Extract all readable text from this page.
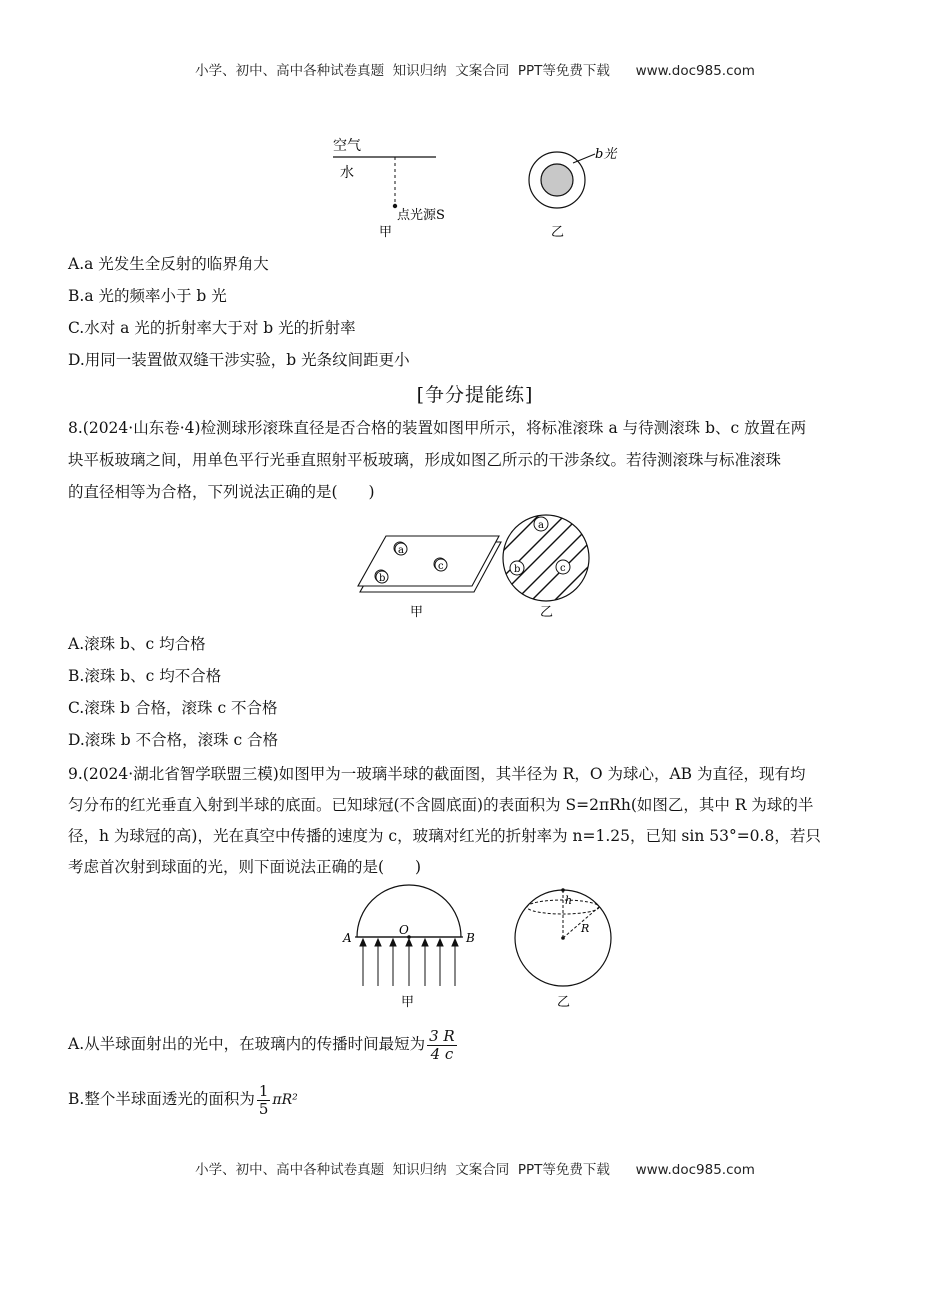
小学、初中、高中各种试卷真题  知识归纳  文案合同  PPT等免费下载      www.doc985.com
空气
水
点光源S
甲
b光
乙
A.a 光发生全反射的临界角大
B.a 光的频率小于 b 光
C.水对 a 光的折射率大于对 b 光的折射率
D.用同一装置做双缝干涉实验，b 光条纹间距更小
[争分提能练]
8.(2024·山东卷·4)检测球形滚珠直径是否合格的装置如图甲所示，将标准滚珠 a 与待测滚珠 b、c 放置在两
块平板玻璃之间，用单色平行光垂直照射平板玻璃，形成如图乙所示的干涉条纹。若待测滚珠与标准滚珠
的直径相等为合格，下列说法正确的是(　　)
a
b
c
甲
a
b	c
乙
A.滚珠 b、c 均合格
B.滚珠 b、c 均不合格
C.滚珠 b 合格，滚珠 c 不合格
D.滚珠 b 不合格，滚珠 c 合格
9.(2024·湖北省智学联盟三模)如图甲为一玻璃半球的截面图，其半径为 R，O 为球心，AB 为直径，现有均
匀分布的红光垂直入射到半球的底面。已知球冠(不含圆底面)的表面积为 S=2πRh(如图乙，其中 R 为球的半
径，h 为球冠的高)，光在真空中传播的速度为 c，玻璃对红光的折射率为 n=1.25，已知 sin 53°=0.8，若只
考虑首次射到球面的光，则下面说法正确的是(　　)
O
A	B
甲
h
R
乙
A.从半球面射出的光中，在玻璃内的传播时间最短为 $\frac{3 R}{4 c}$
B.整个半球面透光的面积为 $\frac{1}{5} \pi R^2$
小学、初中、高中各种试卷真题  知识归纳  文案合同  PPT等免费下载      www.doc985.com
